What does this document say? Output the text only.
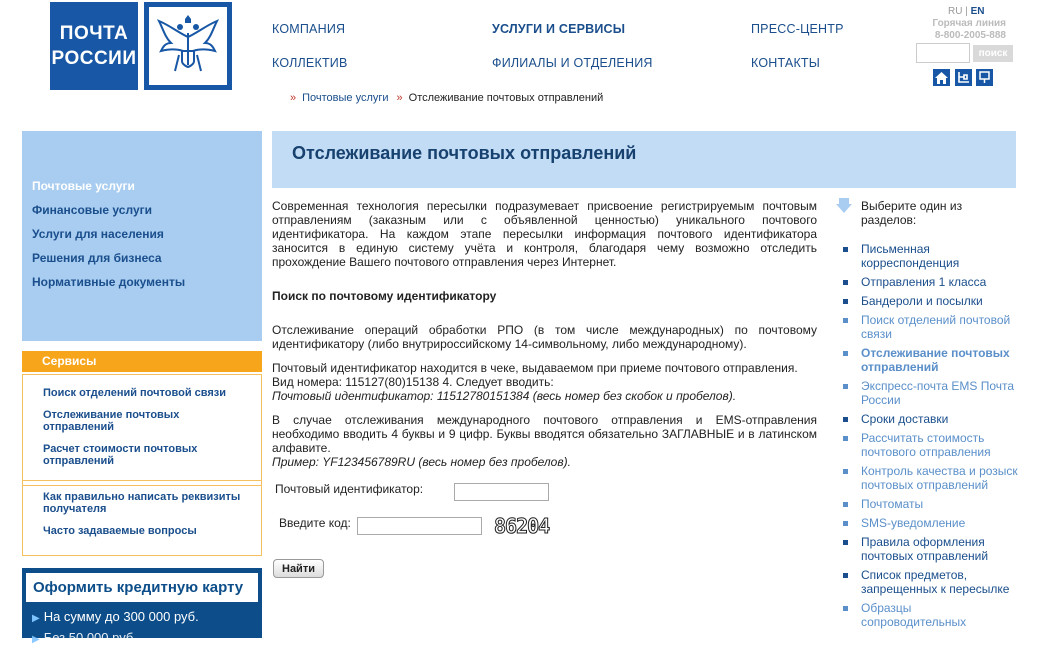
ПОЧТА
РОССИИ
КОМПАНИЯ	УСЛУГИ И СЕРВИСЫ	ПРЕСС-ЦЕНТР
КОЛЛЕКТИВ	ФИЛИАЛЫ И ОТДЕЛЕНИЯ	КОНТАКТЫ
RU | EN
Горячая линия
8-800-2005-888
поиск
» Почтовые услуги » Отслеживание почтовых отправлений
Почтовые услуги
Финансовые услуги
Услуги для населения
Решения для бизнеса
Нормативные документы
Сервисы
Поиск отделений почтовой связи
Отслеживание почтовых отправлений
Расчет стоимости почтовых отправлений
Как правильно написать реквизиты получателя
Часто задаваемые вопросы
Оформить кредитную карту
▶ На сумму до 300 000 руб.
▶ Без 50 000 руб.
Отслеживание почтовых отправлений

Современная технология пересылки подразумевает присвоение регистрируемым почтовым отправлениям (заказным или с объявленной ценностью) уникального почтового идентификатора. На каждом этапе пересылки информация почтового идентификатора заносится в единую систему учёта и контроля, благодаря чему возможно отследить прохождение Вашего почтового отправления через Интернет.

Поиск по почтовому идентификатору

Отслеживание операций обработки РПО (в том числе международных) по почтовому идентификатору (либо внутрироссийскому 14-символьному, либо международному).

Почтовый идентификатор находится в чеке, выдаваемом при приеме почтового отправления.
Вид номера: 115127(80)15138 4. Следует вводить:
Почтовый идентификатор: 11512780151384 (весь номер без скобок и пробелов).
В случае отслеживания международного почтового отправления и EMS-отправления необходимо вводить 4 буквы и 9 цифр. Буквы вводятся обязательно ЗАГЛАВНЫЕ и в латинском алфавите.
Пример: YF123456789RU (весь номер без пробелов).
Почтовый идентификатор:
Введите код:	86204
Найти
Выберите один из разделов:
Письменная корреспонденция
Отправления 1 класса
Бандероли и посылки
Поиск отделений почтовой связи
Отслеживание почтовых отправлений
Экспресс-почта EMS Почта России
Сроки доставки
Рассчитать стоимость почтового отправления
Контроль качества и розыск почтовых отправлений
Почтоматы
SMS-уведомление
Правила оформления почтовых отправлений
Список предметов, запрещенных к пересылке
Образцы сопроводительных
